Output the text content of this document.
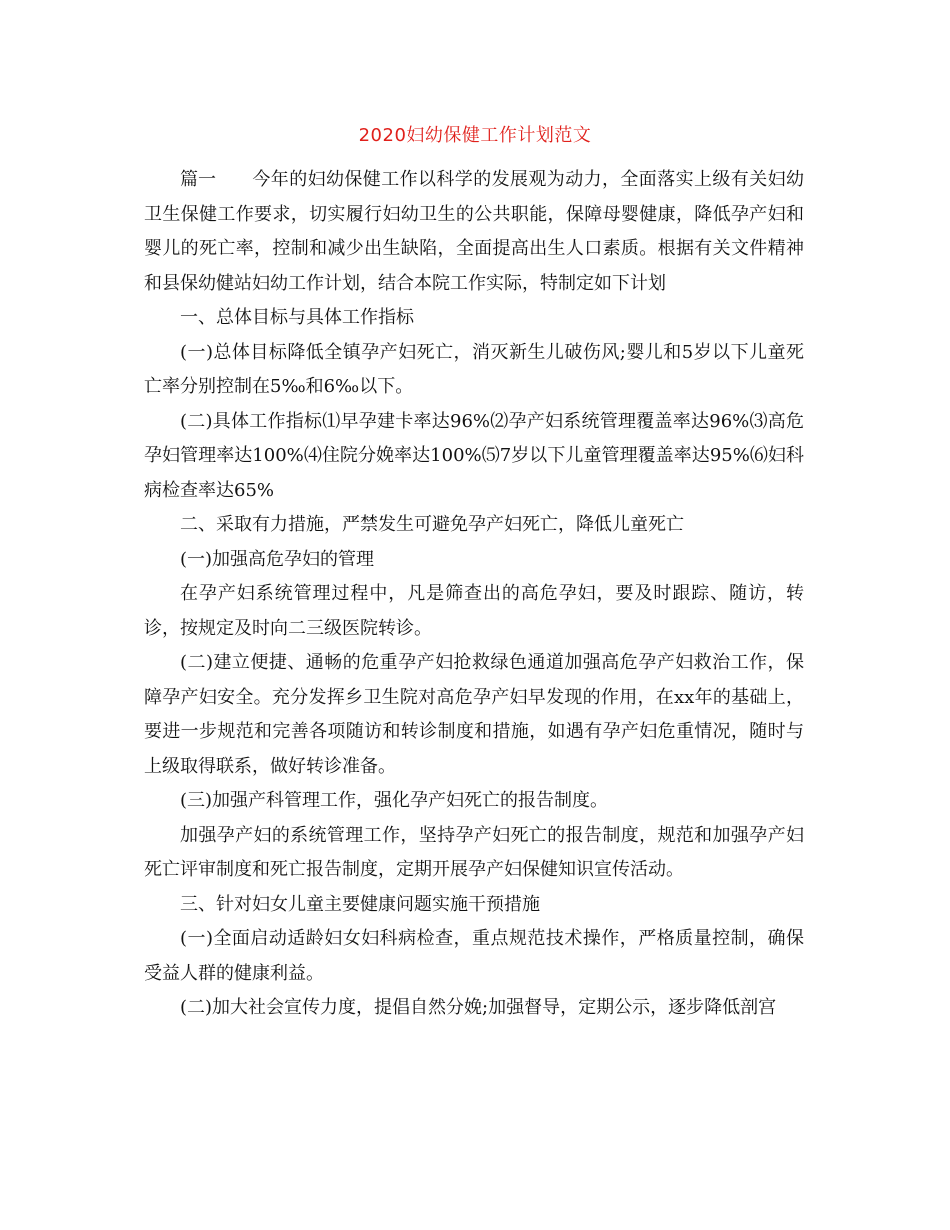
2020妇幼保健工作计划范文

篇一 今年的妇幼保健工作以科学的发展观为动力，全面落实上级有关妇幼卫生保健工作要求，切实履行妇幼卫生的公共职能，保障母婴健康，降低孕产妇和婴儿的死亡率，控制和减少出生缺陷，全面提高出生人口素质。根据有关文件精神和县保幼健站妇幼工作计划，结合本院工作实际，特制定如下计划

一、总体目标与具体工作指标

(一)总体目标降低全镇孕产妇死亡，消灭新生儿破伤风;婴儿和5岁以下儿童死亡率分别控制在5‰和6‰以下。

(二)具体工作指标⑴早孕建卡率达96%⑵孕产妇系统管理覆盖率达96%⑶高危孕妇管理率达100%⑷住院分娩率达100%⑸7岁以下儿童管理覆盖率达95%⑹妇科病检查率达65%

二、采取有力措施，严禁发生可避免孕产妇死亡，降低儿童死亡

(一)加强高危孕妇的管理

在孕产妇系统管理过程中，凡是筛查出的高危孕妇，要及时跟踪、随访，转诊，按规定及时向二三级医院转诊。

(二)建立便捷、通畅的危重孕产妇抢救绿色通道加强高危孕产妇救治工作，保障孕产妇安全。充分发挥乡卫生院对高危孕产妇早发现的作用，在xx年的基础上，要进一步规范和完善各项随访和转诊制度和措施，如遇有孕产妇危重情况，随时与上级取得联系，做好转诊准备。

(三)加强产科管理工作，强化孕产妇死亡的报告制度。

加强孕产妇的系统管理工作，坚持孕产妇死亡的报告制度，规范和加强孕产妇死亡评审制度和死亡报告制度，定期开展孕产妇保健知识宣传活动。

三、针对妇女儿童主要健康问题实施干预措施

(一)全面启动适龄妇女妇科病检查，重点规范技术操作，严格质量控制，确保受益人群的健康利益。

(二)加大社会宣传力度，提倡自然分娩;加强督导，定期公示，逐步降低剖宫
